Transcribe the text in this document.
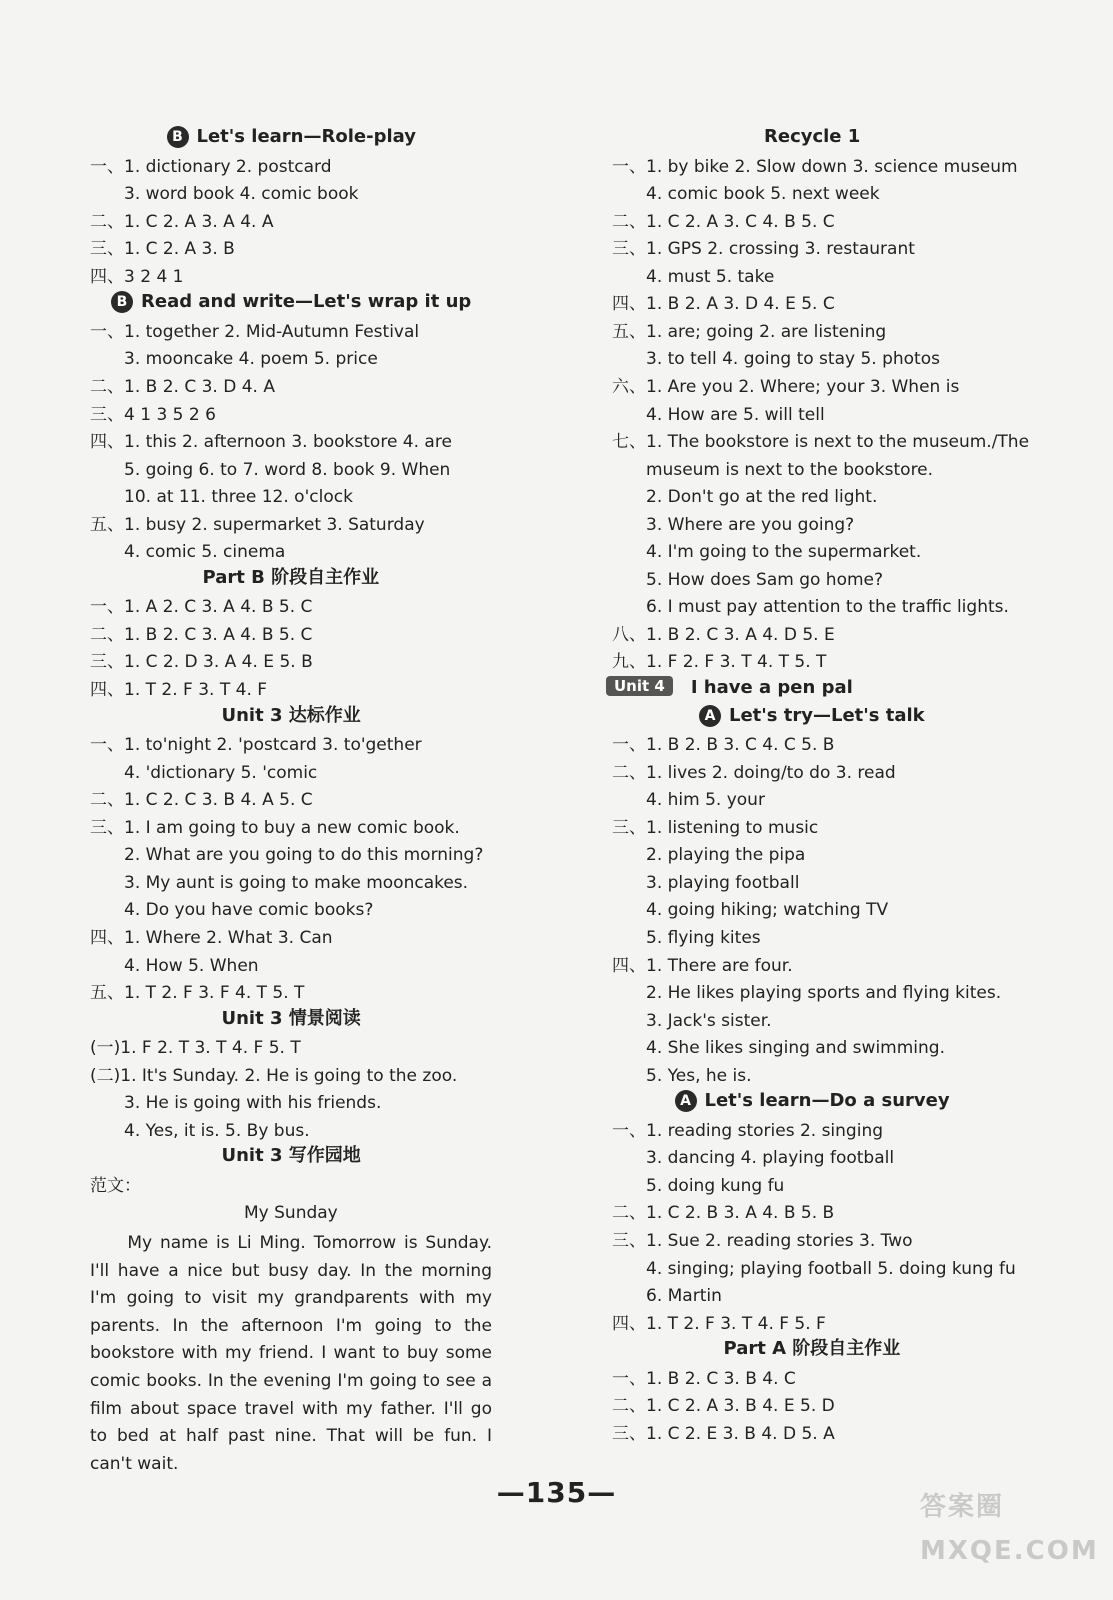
B Let's learn—Role-play
一、1. dictionary 2. postcard
3. word book 4. comic book
二、1. C 2. A 3. A 4. A
三、1. C 2. A 3. B
四、3 2 4 1
B Read and write—Let's wrap it up
一、1. together 2. Mid-Autumn Festival
3. mooncake 4. poem 5. price
二、1. B 2. C 3. D 4. A
三、4 1 3 5 2 6
四、1. this 2. afternoon 3. bookstore 4. are
5. going 6. to 7. word 8. book 9. When
10. at 11. three 12. o'clock
五、1. busy 2. supermarket 3. Saturday
4. comic 5. cinema
Part B 阶段自主作业
一、1. A 2. C 3. A 4. B 5. C
二、1. B 2. C 3. A 4. B 5. C
三、1. C 2. D 3. A 4. E 5. B
四、1. T 2. F 3. T 4. F
Unit 3 达标作业
一、1. to'night 2. 'postcard 3. to'gether
4. 'dictionary 5. 'comic
二、1. C 2. C 3. B 4. A 5. C
三、1. I am going to buy a new comic book.
2. What are you going to do this morning?
3. My aunt is going to make mooncakes.
4. Do you have comic books?
四、1. Where 2. What 3. Can
4. How 5. When
五、1. T 2. F 3. F 4. T 5. T
Unit 3 情景阅读
(一)1. F 2. T 3. T 4. F 5. T
(二)1. It's Sunday. 2. He is going to the zoo.
3. He is going with his friends.
4. Yes, it is. 5. By bus.
Unit 3 写作园地
范文：
My Sunday
My name is Li Ming. Tomorrow is Sunday. I'll have a nice but busy day. In the morning I'm going to visit my grandparents with my parents. In the afternoon I'm going to the bookstore with my friend. I want to buy some comic books. In the evening I'm going to see a film about space travel with my father. I'll go to bed at half past nine. That will be fun. I can't wait.
Recycle 1
一、1. by bike 2. Slow down 3. science museum
4. comic book 5. next week
二、1. C 2. A 3. C 4. B 5. C
三、1. GPS 2. crossing 3. restaurant
4. must 5. take
四、1. B 2. A 3. D 4. E 5. C
五、1. are; going 2. are listening
3. to tell 4. going to stay 5. photos
六、1. Are you 2. Where; your 3. When is
4. How are 5. will tell
七、1. The bookstore is next to the museum./The
museum is next to the bookstore.
2. Don't go at the red light.
3. Where are you going?
4. I'm going to the supermarket.
5. How does Sam go home?
6. I must pay attention to the traffic lights.
八、1. B 2. C 3. A 4. D 5. E
九、1. F 2. F 3. T 4. T 5. T
Unit 4 I have a pen pal
A Let's try—Let's talk
一、1. B 2. B 3. C 4. C 5. B
二、1. lives 2. doing/to do 3. read
4. him 5. your
三、1. listening to music
2. playing the pipa
3. playing football
4. going hiking; watching TV
5. flying kites
四、1. There are four.
2. He likes playing sports and flying kites.
3. Jack's sister.
4. She likes singing and swimming.
5. Yes, he is.
A Let's learn—Do a survey
一、1. reading stories 2. singing
3. dancing 4. playing football
5. doing kung fu
二、1. C 2. B 3. A 4. B 5. B
三、1. Sue 2. reading stories 3. Two
4. singing; playing football 5. doing kung fu
6. Martin
四、1. T 2. F 3. T 4. F 5. F
Part A 阶段自主作业
一、1. B 2. C 3. B 4. C
二、1. C 2. A 3. B 4. E 5. D
三、1. C 2. E 3. B 4. D 5. A
—135—	答案圈 MXQE.COM
